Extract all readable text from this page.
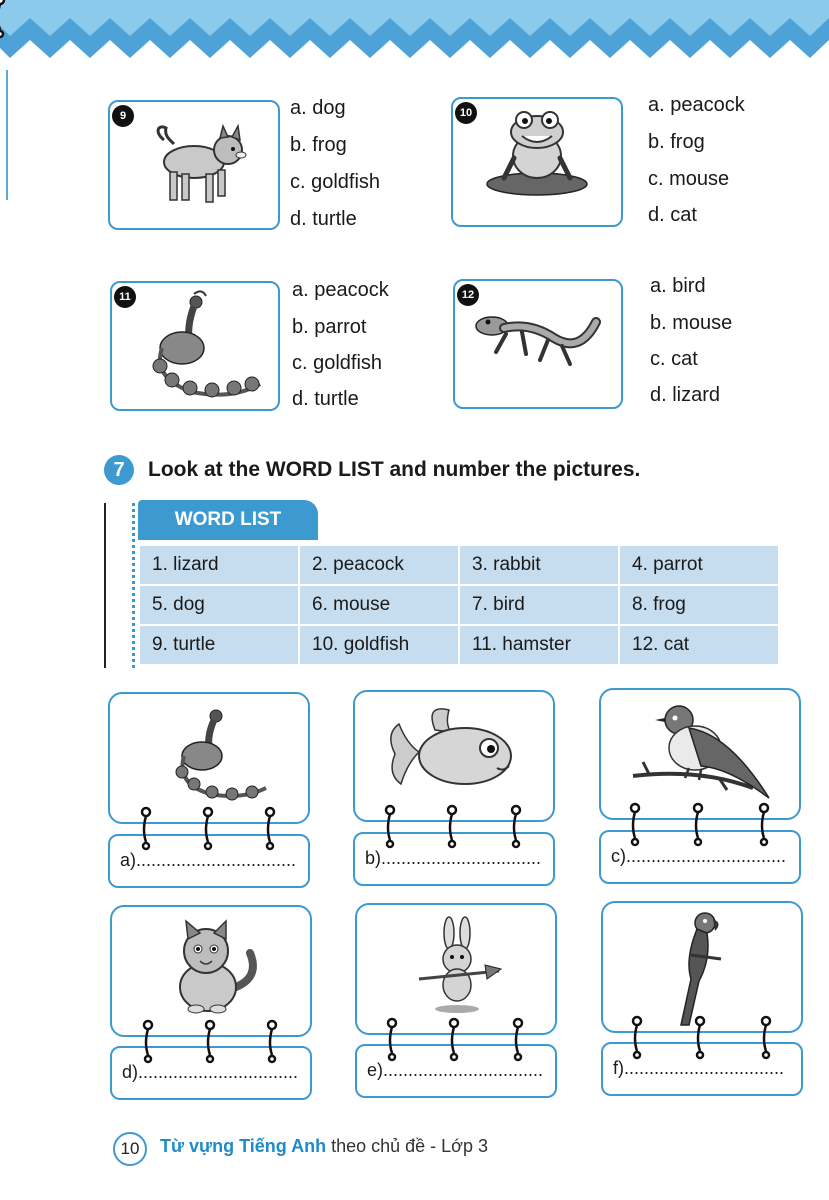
9	a. dog
b. frog
c. goldfish
d. turtle
10	a. peacock
b. frog
c. mouse
d. cat
11	a. peacock
b. parrot
c. goldfish
d. turtle
12	a. bird
b. mouse
c. cat
d. lizard
7	Look at the WORD LIST and number the pictures.
WORD LIST
1. lizard	2. peacock	3. rabbit	4. parrot
5. dog	6. mouse	7. bird	8. frog
9. turtle	10. goldfish	11. hamster	12. cat
a)................................	b)................................	c)................................
d)................................	e)................................	f)................................
10	Từ vựng Tiếng Anh theo chủ đề - Lớp 3
